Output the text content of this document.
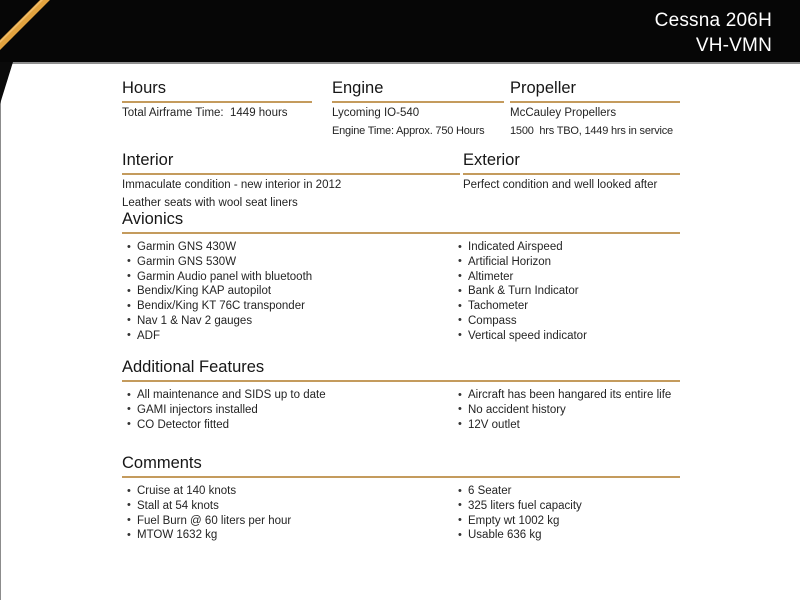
Cessna 206H
VH-VMN
Hours

Total Airframe Time:  1449 hours

Engine

Lycoming IO-540

Engine Time: Approx. 750 Hours

Propeller

McCauley Propellers

1500  hrs TBO, 1449 hrs in service

Interior

Immaculate condition - new interior in 2012

Leather seats with wool seat liners

Exterior

Perfect condition and well looked after

Avionics
• Garmin GNS 430W
• Garmin GNS 530W
• Garmin Audio panel with bluetooth
• Bendix/King KAP autopilot
• Bendix/King KT 76C transponder
• Nav 1 & Nav 2 gauges
• ADF
• Indicated Airspeed
• Artificial Horizon
• Altimeter
• Bank & Turn Indicator
• Tachometer
• Compass
• Vertical speed indicator
Additional Features
• All maintenance and SIDS up to date
• GAMI injectors installed
• CO Detector fitted
• Aircraft has been hangared its entire life
• No accident history
• 12V outlet
Comments
• Cruise at 140 knots
• Stall at 54 knots
• Fuel Burn @ 60 liters per hour
• MTOW 1632 kg
• 6 Seater
• 325 liters fuel capacity
• Empty wt 1002 kg
• Usable 636 kg
